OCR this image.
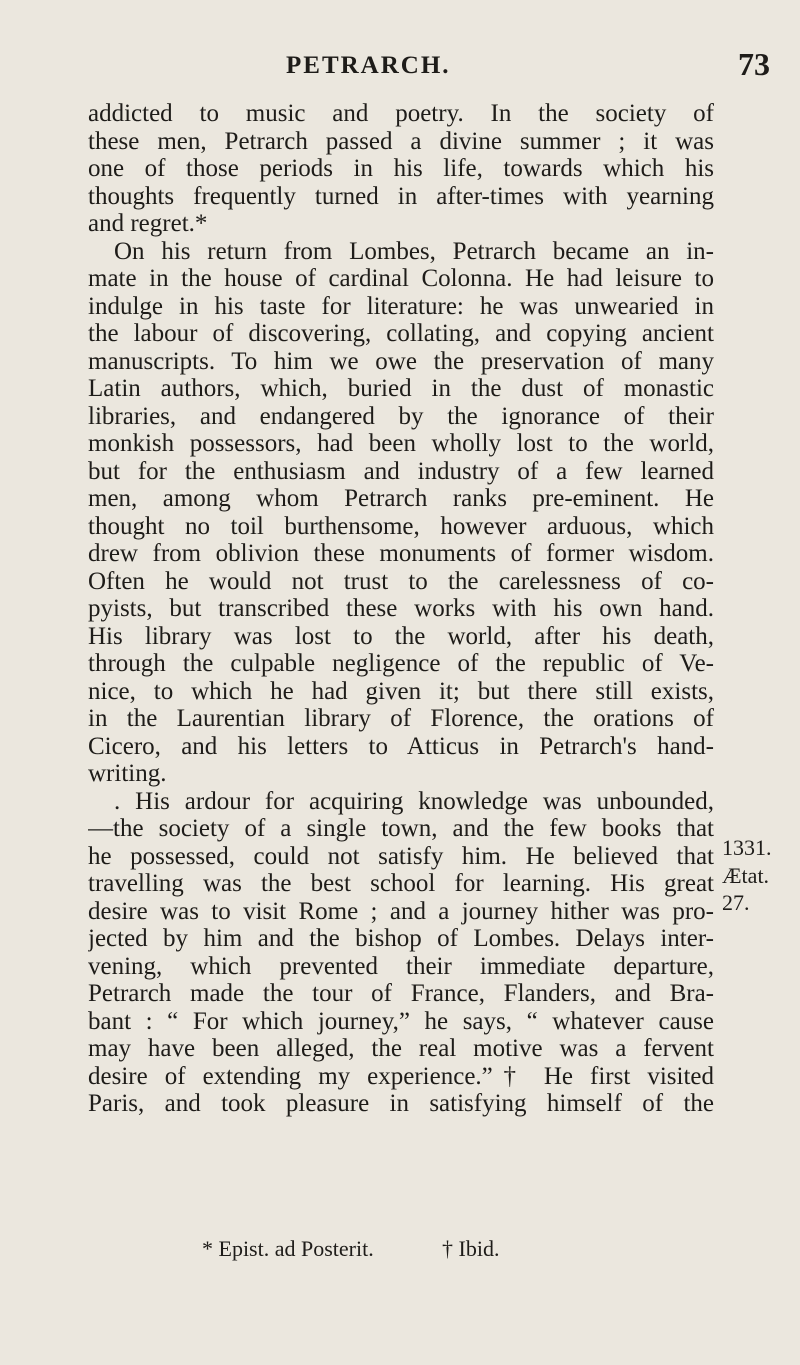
PETRARCH.	73
addicted to music and poetry. In the society of
these men, Petrarch passed a divine summer ; it was
one of those periods in his life, towards which his
thoughts frequently turned in after-times with yearning
and regret.*
On his return from Lombes, Petrarch became an in-
mate in the house of cardinal Colonna. He had leisure to
indulge in his taste for literature: he was unwearied in
the labour of discovering, collating, and copying ancient
manuscripts. To him we owe the preservation of many
Latin authors, which, buried in the dust of monastic
libraries, and endangered by the ignorance of their
monkish possessors, had been wholly lost to the world,
but for the enthusiasm and industry of a few learned
men, among whom Petrarch ranks pre-eminent. He
thought no toil burthensome, however arduous, which
drew from oblivion these monuments of former wisdom.
Often he would not trust to the carelessness of co-
pyists, but transcribed these works with his own hand.
His library was lost to the world, after his death,
through the culpable negligence of the republic of Ve-
nice, to which he had given it; but there still exists,
in the Laurentian library of Florence, the orations of
Cicero, and his letters to Atticus in Petrarch's hand-
writing.
. His ardour for acquiring knowledge was unbounded,
—the society of a single town, and the few books that
he possessed, could not satisfy him. He believed that
travelling was the best school for learning. His great
desire was to visit Rome ; and a journey hither was pro-
jected by him and the bishop of Lombes. Delays inter-
vening, which prevented their immediate departure,
Petrarch made the tour of France, Flanders, and Bra-
bant : “ For which journey,” he says, “ whatever cause
may have been alleged, the real motive was a fervent
desire of extending my experience.”† He first visited
Paris, and took pleasure in satisfying himself of the
1331.
Ætat.
27.
* Epist. ad Posterit.	† Ibid.
